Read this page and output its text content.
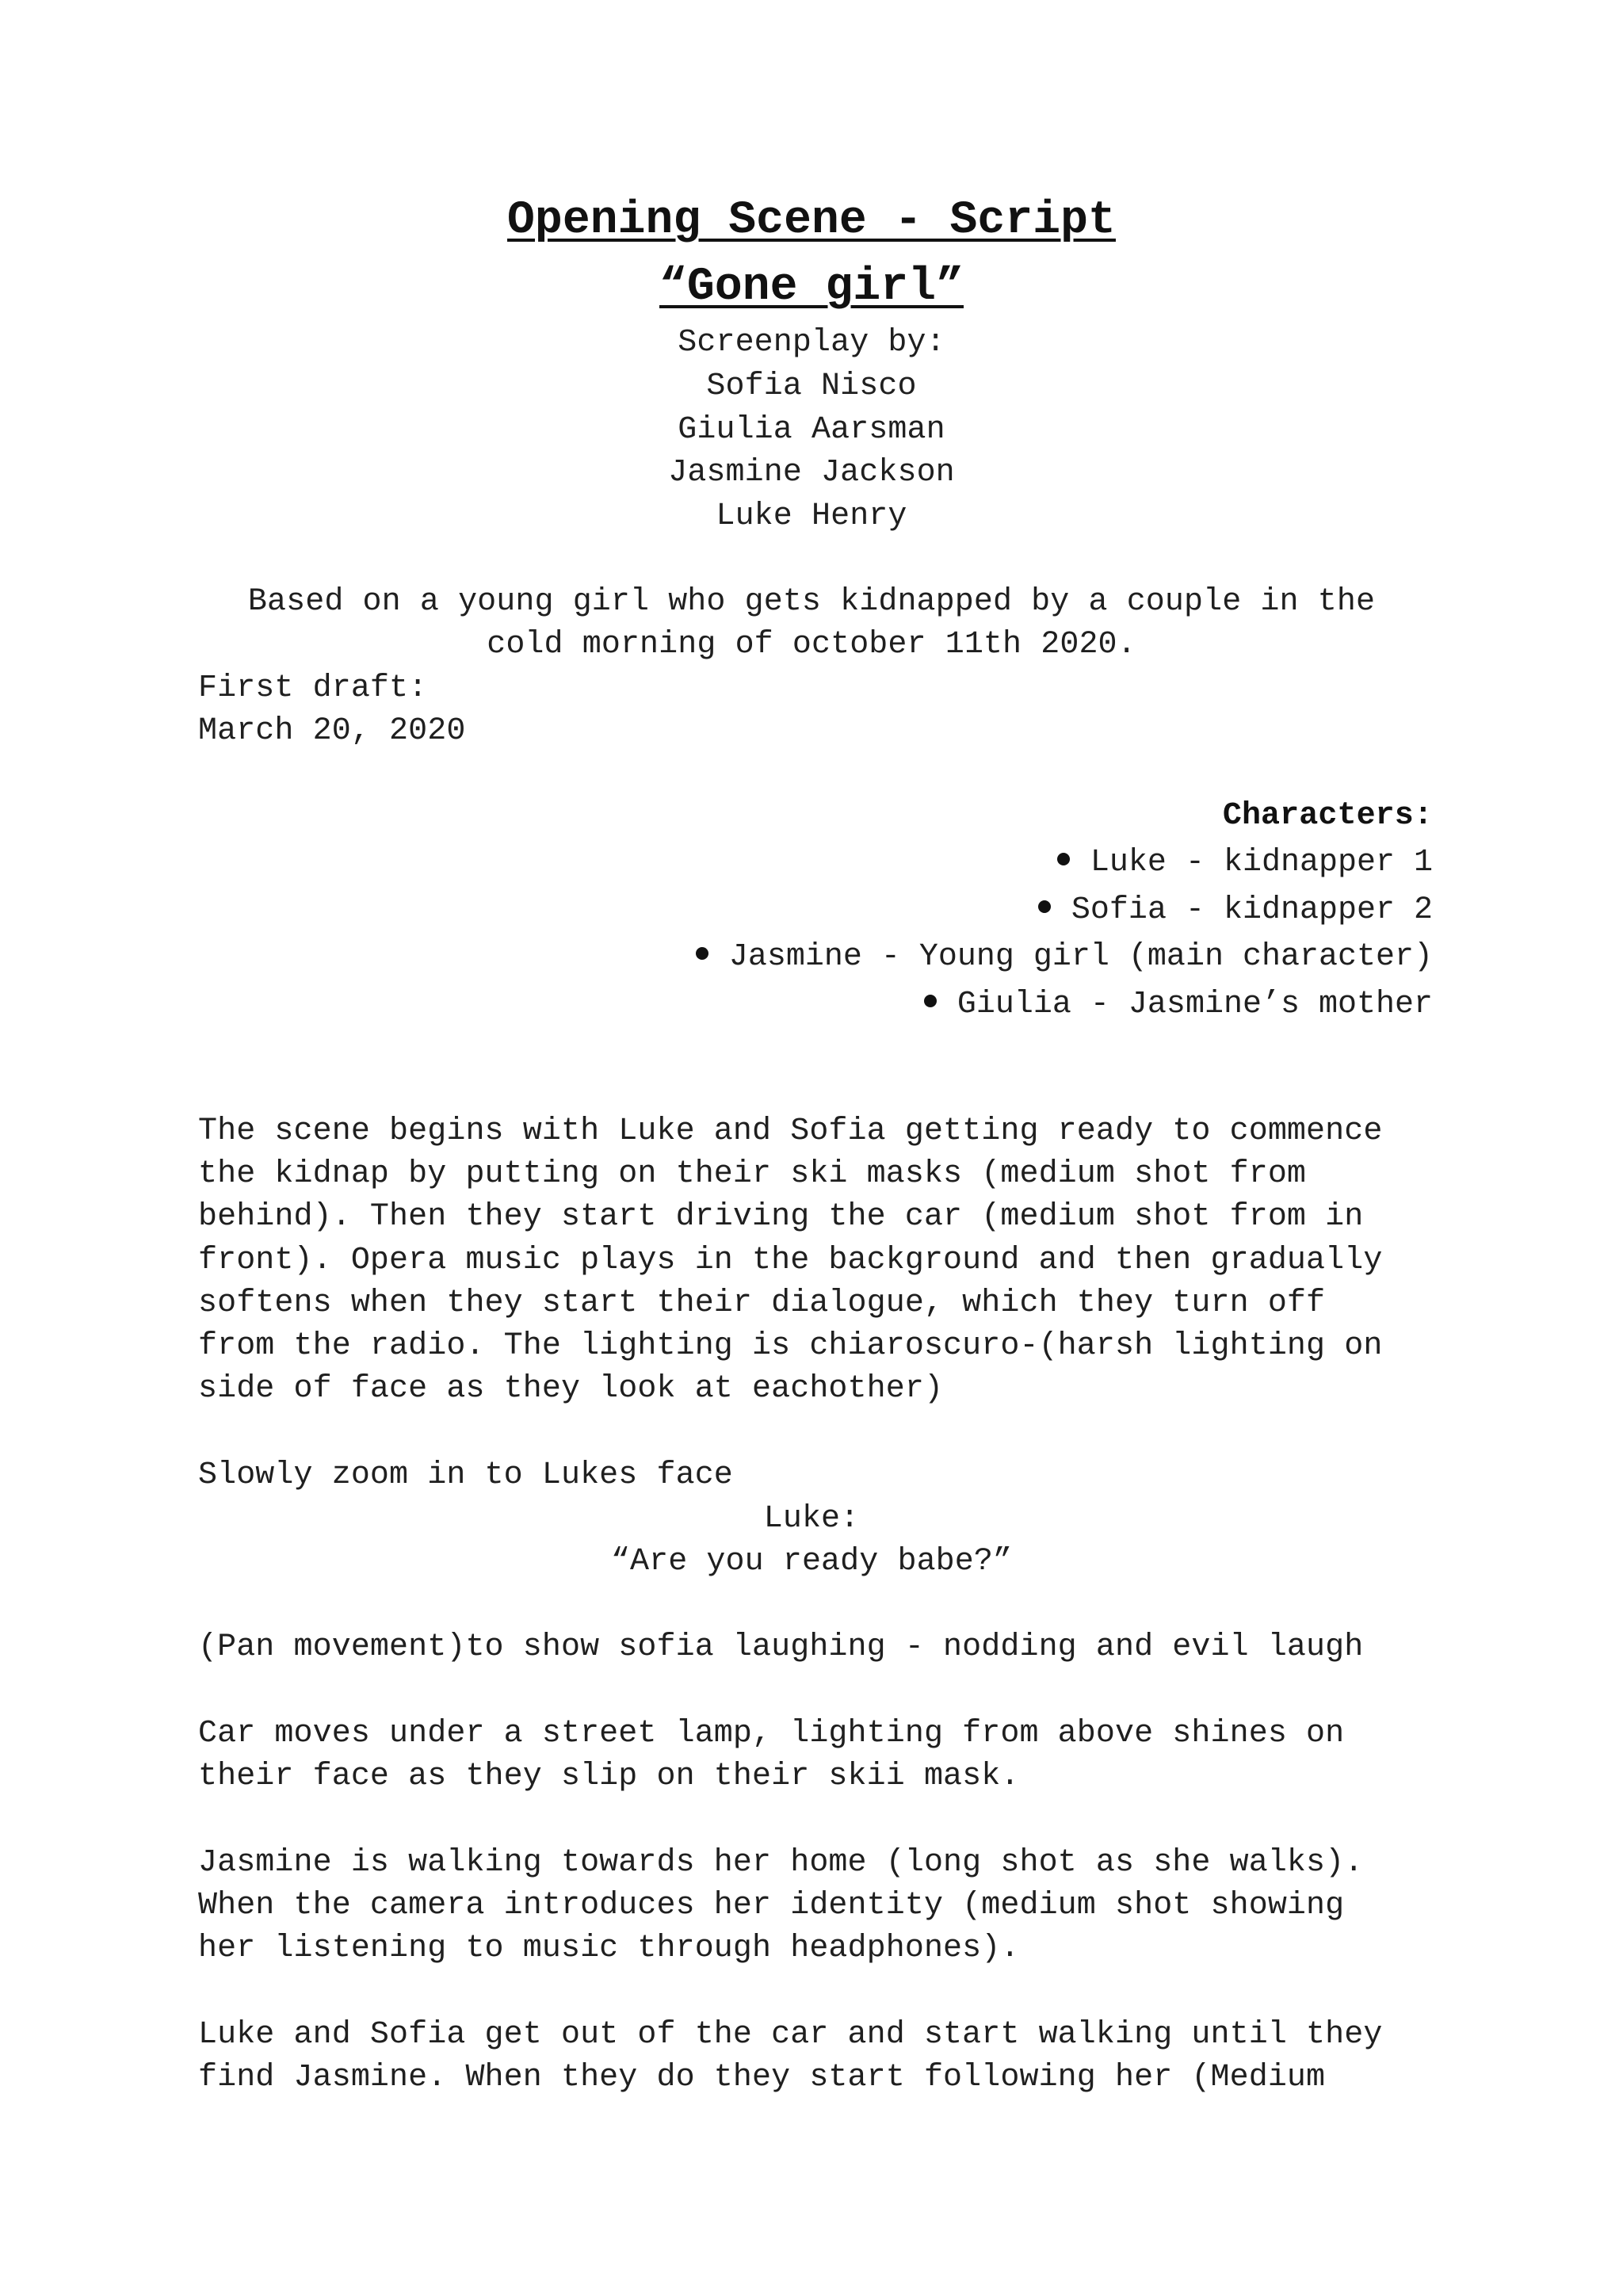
Opening Scene - Script
“Gone girl”
Screenplay by:
Sofia Nisco
Giulia Aarsman
Jasmine Jackson
Luke Henry
Based on a young girl who gets kidnapped by a couple in the
cold morning of october 11th 2020.
First draft:
March 20, 2020
Characters:
Luke - kidnapper 1
Sofia - kidnapper 2
Jasmine - Young girl (main character)
Giulia - Jasmine’s mother
The scene begins with Luke and Sofia getting ready to commence
the kidnap by putting on their ski masks (medium shot from
behind). Then they start driving the car (medium shot from in
front). Opera music plays in the background and then gradually
softens when they start their dialogue, which they turn off
from the radio. The lighting is chiaroscuro-(harsh lighting on
side of face as they look at eachother)
Slowly zoom in to Lukes face
Luke:
“Are you ready babe?”
(Pan movement)to show sofia laughing - nodding and evil laugh
Car moves under a street lamp, lighting from above shines on
their face as they slip on their skii mask.
Jasmine is walking towards her home (long shot as she walks).
When the camera introduces her identity (medium shot showing
her listening to music through headphones).
Luke and Sofia get out of the car and start walking until they
find Jasmine. When they do they start following her (Medium
